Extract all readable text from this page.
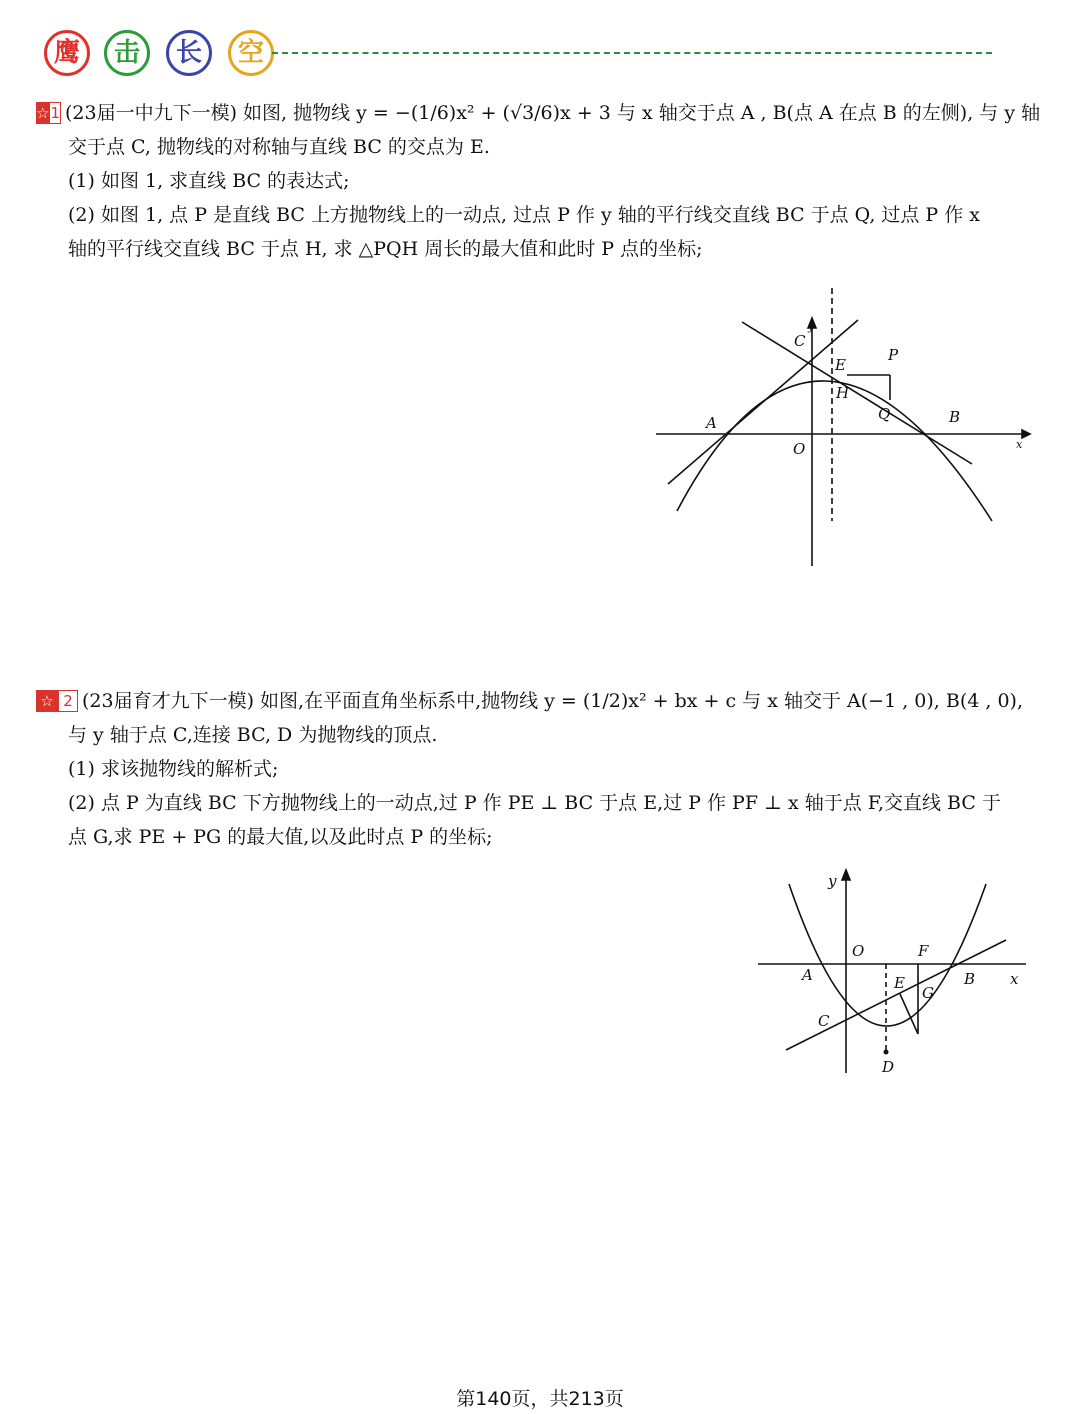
鹰	击	长	空
☆ 1 (23届一中九下一模) 如图, 抛物线 y = −(1/6)x² + (√3/6)x + 3 与 x 轴交于点 A , B(点 A 在点 B 的左侧), 与 y 轴
交于点 C, 抛物线的对称轴与直线 BC 的交点为 E.
(1) 如图 1, 求直线 BC 的表达式;
(2) 如图 1, 点 P 是直线 BC 上方抛物线上的一动点, 过点 P 作 y 轴的平行线交直线 BC 于点 Q, 过点 P 作 x
轴的平行线交直线 BC 于点 H, 求 △PQH 周长的最大值和此时 P 点的坐标;
C
y
E
P
H
Q
A	B
O	x
☆ 2 (23届育才九下一模) 如图,在平面直角坐标系中,抛物线 y = (1/2)x² + bx + c 与 x 轴交于 A(−1 , 0), B(4 , 0),
与 y 轴于点 C,连接 BC, D 为抛物线的顶点.
(1) 求该抛物线的解析式;
(2) 点 P 为直线 BC 下方抛物线上的一动点,过 P 作 PE ⊥ BC 于点 E,过 P 作 PF ⊥ x 轴于点 F,交直线 BC 于
点 G,求 PE + PG 的最大值,以及此时点 P 的坐标;
y
O	F
A	E
G
B x
C
D
第140页，共213页
